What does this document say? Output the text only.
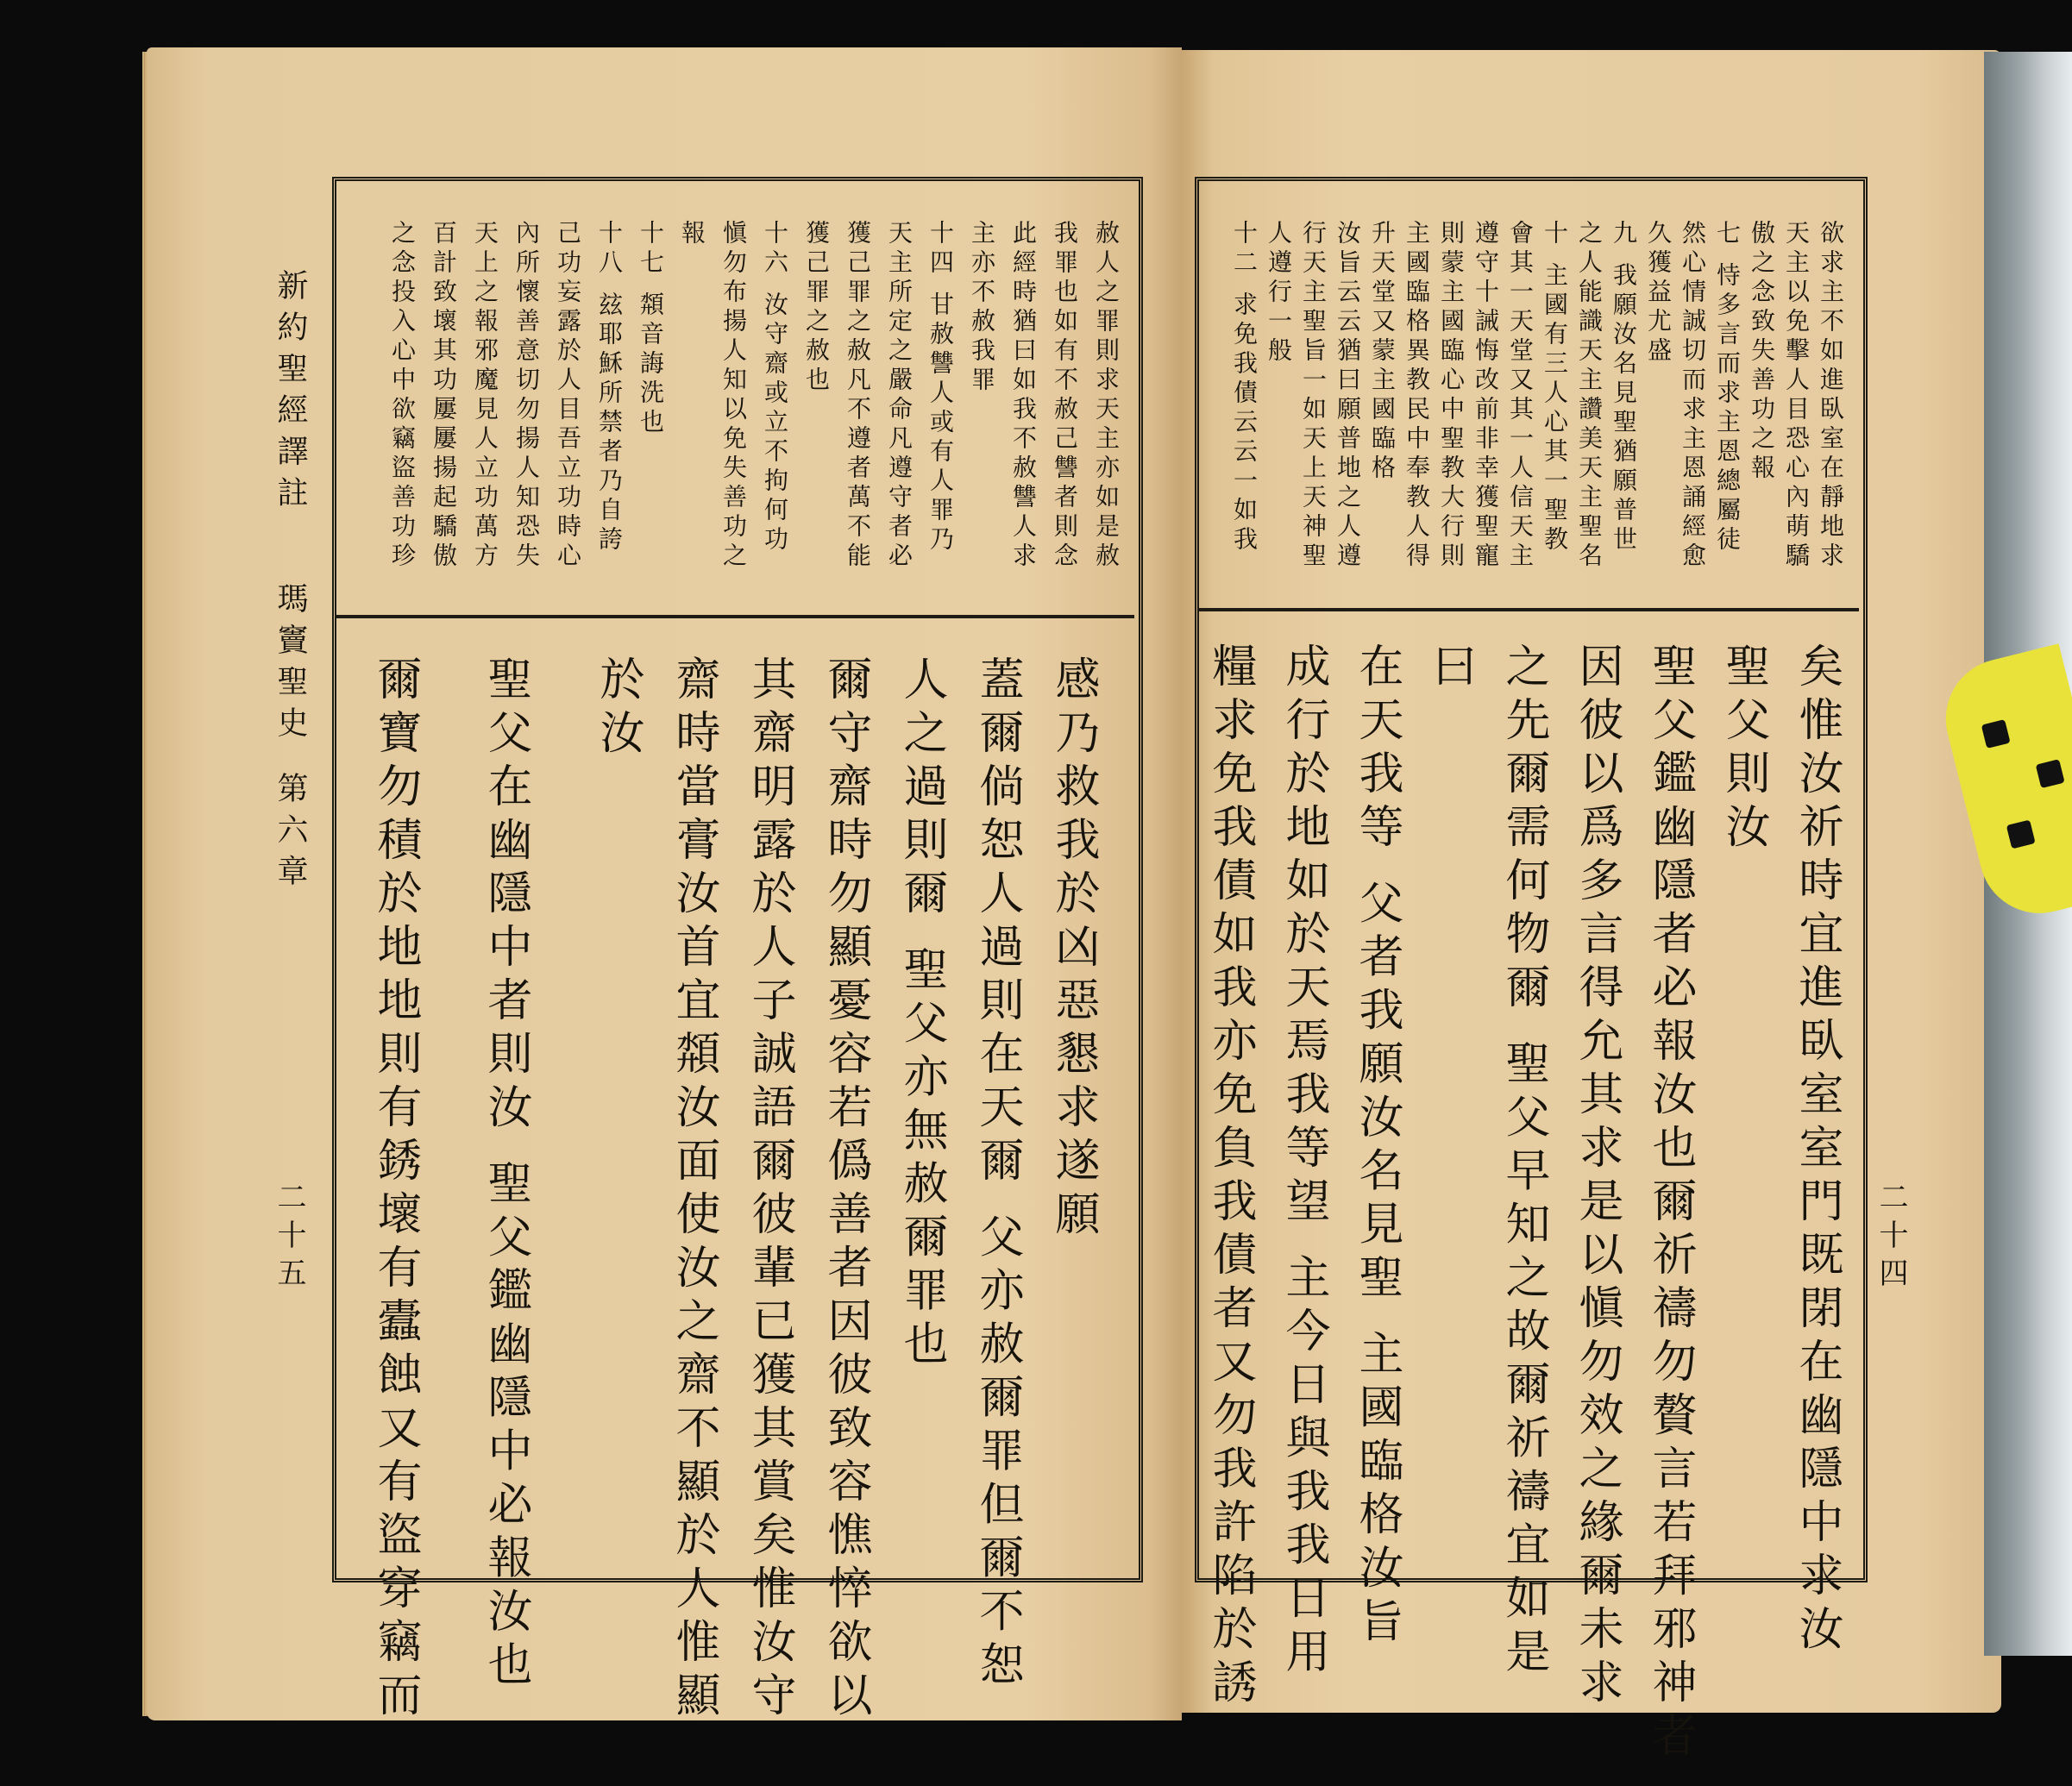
新約聖經譯註
瑪竇聖史
第六章
二十五	二十四
赦人之罪則求天主亦如是赦
我罪也如有不赦己讐者則念
此經時猶曰如我不赦讐人求
主亦不赦我罪
十四 甘赦讐人或有人罪乃
天主所定之嚴命凡遵守者必
獲己罪之赦凡不遵者萬不能
獲己罪之赦也
十六 汝守齋或立不拘何功
愼勿布揚人知以免失善功之
報
十七 頮音誨洗也
十八 玆耶穌所禁者乃自誇
己功妄露於人目吾立功時心
內所懷善意切勿揚人知恐失
天上之報邪魔見人立功萬方
百計致壞其功屢屢揚起驕傲
之念投入心中欲竊盜善功珍
感乃救我於凶惡懇求遂願
蓋爾倘恕人過則在天爾 父亦赦爾罪但爾不恕
人之過則爾 聖父亦無赦爾罪也
爾守齋時勿顯憂容若僞善者因彼致容憔悴欲以
其齋明露於人子誠語爾彼輩已獲其賞矣惟汝守
齋時當膏汝首宜頮汝面使汝之齋不顯於人惟顯
於汝
聖父在幽隱中者則汝 聖父鑑幽隱中必報汝也
爾寶勿積於地地則有銹壞有蠹蝕又有盜穿竊而
欲求主不如進臥室在靜地求
天主以免擊人目恐心內萌驕
傲之念致失善功之報
七 恃多言而求主恩總屬徒
然心情誠切而求主恩誦經愈
久獲益尤盛
九 我願汝名見聖猶願普世
之人能識天主讚美天主聖名
十 主國有三人心其一聖教
會其一天堂又其一人信天主
遵守十誡悔改前非幸獲聖寵
則蒙主國臨心中聖教大行則
主國臨格異教民中奉教人得
升天堂又蒙主國臨格
汝旨云云猶曰願普地之人遵
行天主聖旨一如天上天神聖
人遵行一般
十二 求免我債云云一如我
矣惟汝祈時宜進臥室室門既閉在幽隱中求汝
聖父則汝
聖父鑑幽隱者必報汝也爾祈禱勿贅言若拜邪神者
因彼以爲多言得允其求是以愼勿效之緣爾未求
之先爾需何物爾 聖父早知之故爾祈禱宜如是
曰
在天我等 父者我願汝名見聖 主國臨格汝旨
成行於地如於天焉我等望 主今日與我我日用
糧求免我債如我亦免負我債者又勿我許陷於誘
